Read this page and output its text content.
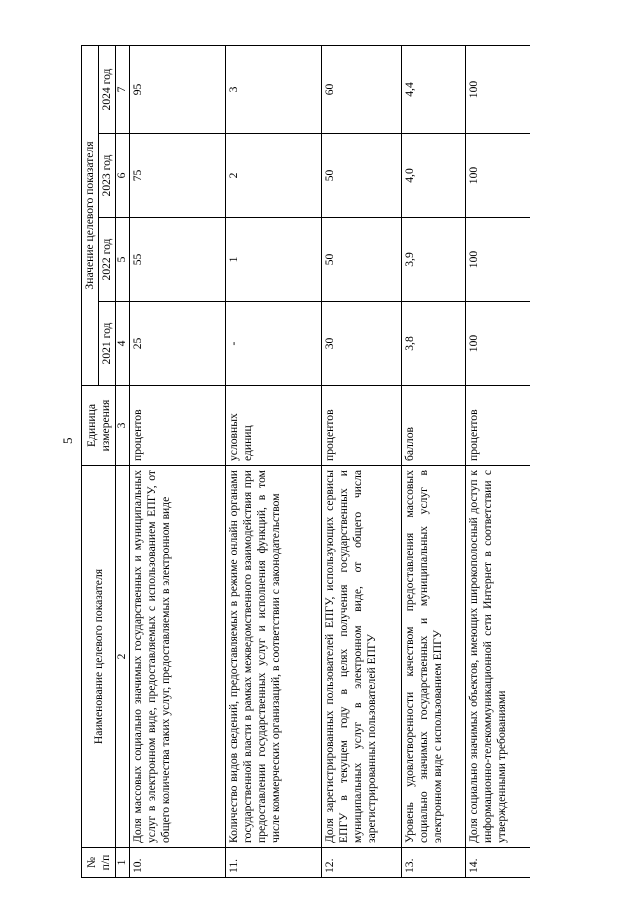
5
№ п/п	Наименование целевого показателя	Единица измерения	Значение целевого показателя			
			2021 год	2022 год	2023 год	2024 год
1	2	3	4	5	6	7
10.	Доля массовых социально значимых государственных и муниципальных услуг в электронном виде, предоставляемых с использованием ЕПГУ, от общего количества таких услуг, предоставляемых в электронном виде	процентов	25	55	75	95
11.	Количество видов сведений, предоставляемых в режиме онлайн органами государственной власти в рамках межведомственного взаимодействия при предоставлении государственных услуг и исполнения функций, в том числе коммерческих организаций, в соответствии с законодательством	условных единиц	-	1	2	3
12.	Доля зарегистрированных пользователей ЕПГУ, использующих сервисы ЕПГУ в текущем году в целях получения государственных и муниципальных услуг в электронном виде, от общего числа зарегистрированных пользователей ЕПГУ	процентов	30	50	50	60
13.	Уровень удовлетворенности качеством предоставления массовых социально значимых государственных и муниципальных услуг в электронном виде с использованием ЕПГУ	баллов	3,8	3,9	4,0	4,4
14.	Доля социально значимых объектов, имеющих широкополосный доступ к информационно-телекоммуникационной сети Интернет в соответствии с утвержденными требованиями	процентов	100	100	100	100
